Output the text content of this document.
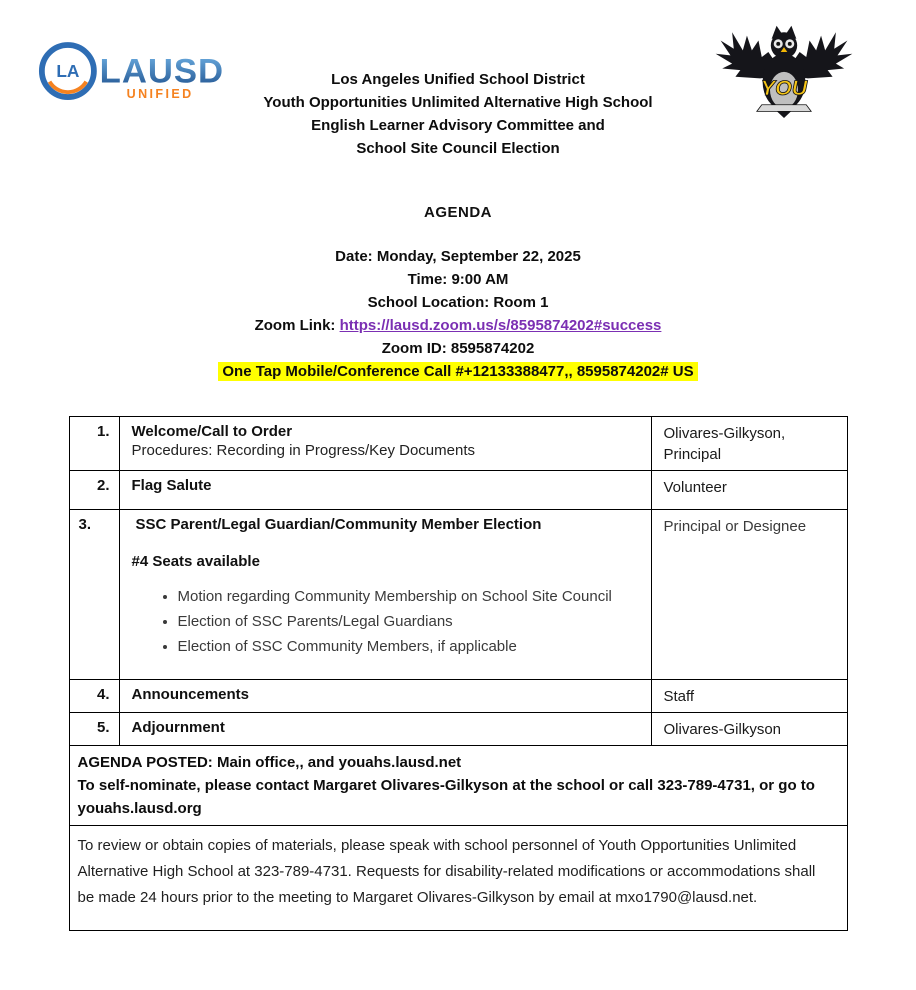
LA LAUSD
UNIFIED	YOU
Los Angeles Unified School District
Youth Opportunities Unlimited Alternative High School
English Learner Advisory Committee and
School Site Council Election
AGENDA
Date: Monday, September 22, 2025
Time: 9:00 AM
School Location: Room 1
Zoom Link: https://lausd.zoom.us/s/8595874202#success
Zoom ID: 8595874202
One Tap Mobile/Conference Call #+12133388477,, 8595874202# US
1.	Welcome/Call to Order
Procedures: Recording in Progress/Key Documents	Olivares-Gilkyson, Principal
2.	Flag Salute	Volunteer
3.	SSC Parent/Legal Guardian/Community Member Election
#4 Seats available
• Motion regarding Community Membership on School Site Council
• Election of SSC Parents/Legal Guardians
• Election of SSC Community Members, if applicable
	Principal or Designee
4.	Announcements	Staff
5.	Adjournment	Olivares-Gilkyson

AGENDA POSTED: Main office,, and youahs.lausd.net
To self-nominate, please contact Margaret Olivares-Gilkyson at the school or call 323-789-4731, or go to youahs.lausd.org		

To review or obtain copies of materials, please speak with school personnel of Youth Opportunities Unlimited Alternative High School at 323-789-4731. Requests for disability-related modifications or accommodations shall be made 24 hours prior to the meeting to Margaret Olivares-Gilkyson by email at mxo1790@lausd.net.		
